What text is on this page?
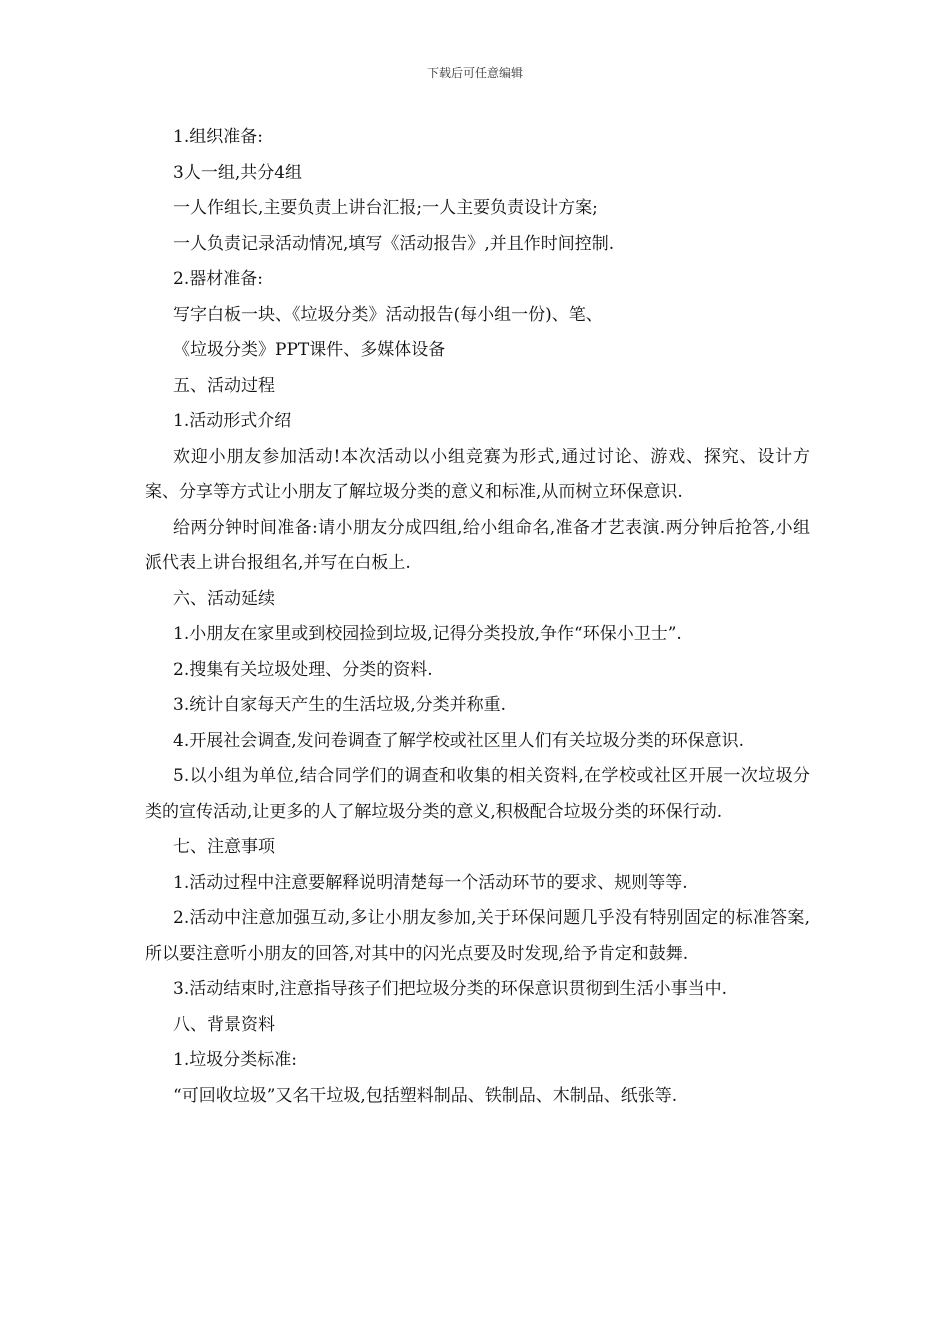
下载后可任意编辑

1.组织准备:

3人一组,共分4组

一人作组长,主要负责上讲台汇报;一人主要负责设计方案;

一人负责记录活动情况,填写《活动报告》,并且作时间控制.

2.器材准备:

写字白板一块、《垃圾分类》活动报告(每小组一份)、笔、

《垃圾分类》PPT课件、多媒体设备

五、活动过程

1.活动形式介绍

欢迎小朋友参加活动!本次活动以小组竞赛为形式,通过讨论、游戏、探究、设计方案、分享等方式让小朋友了解垃圾分类的意义和标准,从而树立环保意识.

给两分钟时间准备:请小朋友分成四组,给小组命名,准备才艺表演.两分钟后抢答,小组派代表上讲台报组名,并写在白板上.

六、活动延续

1.小朋友在家里或到校园捡到垃圾,记得分类投放,争作“环保小卫士”.

2.搜集有关垃圾处理、分类的资料.

3.统计自家每天产生的生活垃圾,分类并称重.

4.开展社会调查,发问卷调查了解学校或社区里人们有关垃圾分类的环保意识.

5.以小组为单位,结合同学们的调查和收集的相关资料,在学校或社区开展一次垃圾分类的宣传活动,让更多的人了解垃圾分类的意义,积极配合垃圾分类的环保行动.

七、注意事项

1.活动过程中注意要解释说明清楚每一个活动环节的要求、规则等等.

2.活动中注意加强互动,多让小朋友参加,关于环保问题几乎没有特别固定的标准答案,所以要注意听小朋友的回答,对其中的闪光点要及时发现,给予肯定和鼓舞.

3.活动结束时,注意指导孩子们把垃圾分类的环保意识贯彻到生活小事当中.

八、背景资料

1.垃圾分类标准:

“可回收垃圾”又名干垃圾,包括塑料制品、铁制品、木制品、纸张等.
